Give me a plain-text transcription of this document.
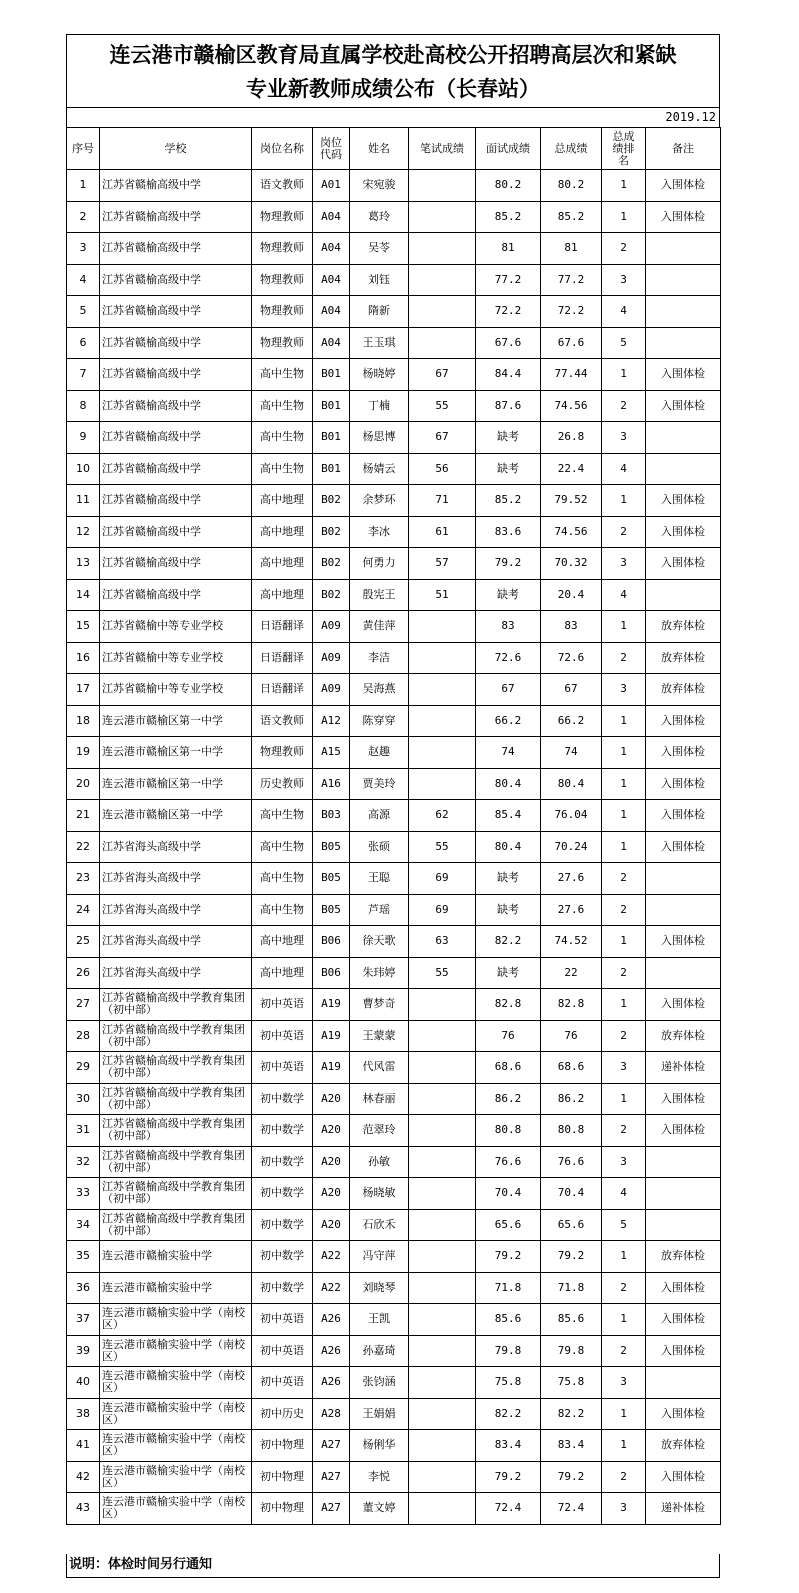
连云港市赣榆区教育局直属学校赴高校公开招聘高层次和紧缺
专业新教师成绩公布（长春站）
2019.12
序号	学校	岗位名称	岗位代码	姓名	笔试成绩	面试成绩	总成绩	总成绩排名	备注
1	江苏省赣榆高级中学	语文教师	A01	宋宛骏		80.2	80.2	1	入围体检
2	江苏省赣榆高级中学	物理教师	A04	葛玲		85.2	85.2	1	入围体检
3	江苏省赣榆高级中学	物理教师	A04	吴苓		81	81	2	
4	江苏省赣榆高级中学	物理教师	A04	刘钰		77.2	77.2	3	
5	江苏省赣榆高级中学	物理教师	A04	隋新		72.2	72.2	4	
6	江苏省赣榆高级中学	物理教师	A04	王玉琪		67.6	67.6	5	
7	江苏省赣榆高级中学	高中生物	B01	杨晓婷	67	84.4	77.44	1	入围体检
8	江苏省赣榆高级中学	高中生物	B01	丁楠	55	87.6	74.56	2	入围体检
9	江苏省赣榆高级中学	高中生物	B01	杨思博	67	缺考	26.8	3	
10	江苏省赣榆高级中学	高中生物	B01	杨婧云	56	缺考	22.4	4	
11	江苏省赣榆高级中学	高中地理	B02	余梦环	71	85.2	79.52	1	入围体检
12	江苏省赣榆高级中学	高中地理	B02	李冰	61	83.6	74.56	2	入围体检
13	江苏省赣榆高级中学	高中地理	B02	何勇力	57	79.2	70.32	3	入围体检
14	江苏省赣榆高级中学	高中地理	B02	殷宪王	51	缺考	20.4	4	
15	江苏省赣榆中等专业学校	日语翻译	A09	黄佳萍		83	83	1	放弃体检
16	江苏省赣榆中等专业学校	日语翻译	A09	李洁		72.6	72.6	2	放弃体检
17	江苏省赣榆中等专业学校	日语翻译	A09	吴海燕		67	67	3	放弃体检
18	连云港市赣榆区第一中学	语文教师	A12	陈穿穿		66.2	66.2	1	入围体检
19	连云港市赣榆区第一中学	物理教师	A15	赵趣		74	74	1	入围体检
20	连云港市赣榆区第一中学	历史教师	A16	贾美玲		80.4	80.4	1	入围体检
21	连云港市赣榆区第一中学	高中生物	B03	高源	62	85.4	76.04	1	入围体检
22	江苏省海头高级中学	高中生物	B05	张硕	55	80.4	70.24	1	入围体检
23	江苏省海头高级中学	高中生物	B05	王聪	69	缺考	27.6	2	
24	江苏省海头高级中学	高中生物	B05	芦瑶	69	缺考	27.6	2	
25	江苏省海头高级中学	高中地理	B06	徐天歌	63	82.2	74.52	1	入围体检
26	江苏省海头高级中学	高中地理	B06	朱玮婷	55	缺考	22	2	
27	江苏省赣榆高级中学教育集团（初中部）	初中英语	A19	曹梦奇		82.8	82.8	1	入围体检
28	江苏省赣榆高级中学教育集团（初中部）	初中英语	A19	王蒙蒙		76	76	2	放弃体检
29	江苏省赣榆高级中学教育集团（初中部）	初中英语	A19	代风雷		68.6	68.6	3	递补体检
30	江苏省赣榆高级中学教育集团（初中部）	初中数学	A20	林春丽		86.2	86.2	1	入围体检
31	江苏省赣榆高级中学教育集团（初中部）	初中数学	A20	范翠玲		80.8	80.8	2	入围体检
32	江苏省赣榆高级中学教育集团（初中部）	初中数学	A20	孙敏		76.6	76.6	3	
33	江苏省赣榆高级中学教育集团（初中部）	初中数学	A20	杨晓敏		70.4	70.4	4	
34	江苏省赣榆高级中学教育集团（初中部）	初中数学	A20	石欣禾		65.6	65.6	5	
35	连云港市赣榆实验中学	初中数学	A22	冯守萍		79.2	79.2	1	放弃体检
36	连云港市赣榆实验中学	初中数学	A22	刘晓琴		71.8	71.8	2	入围体检
37	连云港市赣榆实验中学（南校区）	初中英语	A26	王凯		85.6	85.6	1	入围体检
39	连云港市赣榆实验中学（南校区）	初中英语	A26	孙嘉琦		79.8	79.8	2	入围体检
40	连云港市赣榆实验中学（南校区）	初中英语	A26	张钧涵		75.8	75.8	3	
38	连云港市赣榆实验中学（南校区）	初中历史	A28	王娟娟		82.2	82.2	1	入围体检
41	连云港市赣榆实验中学（南校区）	初中物理	A27	杨俐华		83.4	83.4	1	放弃体检
42	连云港市赣榆实验中学（南校区）	初中物理	A27	李悦		79.2	79.2	2	入围体检
43	连云港市赣榆实验中学（南校区）	初中物理	A27	董文婷		72.4	72.4	3	递补体检
说明：体检时间另行通知
